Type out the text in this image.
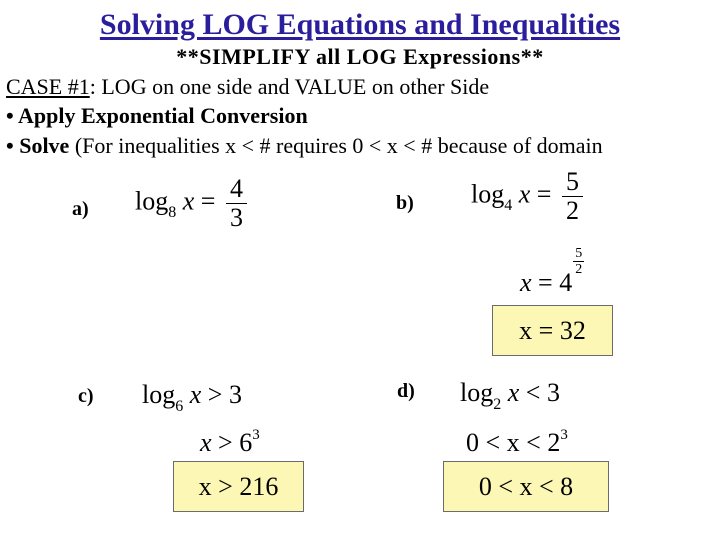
Solving LOG Equations and Inequalities
**SIMPLIFY all LOG Expressions**
CASE #1: LOG on one side and VALUE on other Side
• Apply Exponential Conversion
• Solve (For inequalities x < # requires 0 < x < # because of domain
a) $\log_8 x = \frac{4}{3}$	b) $\log_4 x = \frac{5}{2}$
x = 4
$\frac{5}{2}$
x = 32
c) $\log_6 x > 3$
$x > 6^3$
x > 216
d) $\log_2 x < 3$
$0 < x < 2^3$
0 < x < 8
